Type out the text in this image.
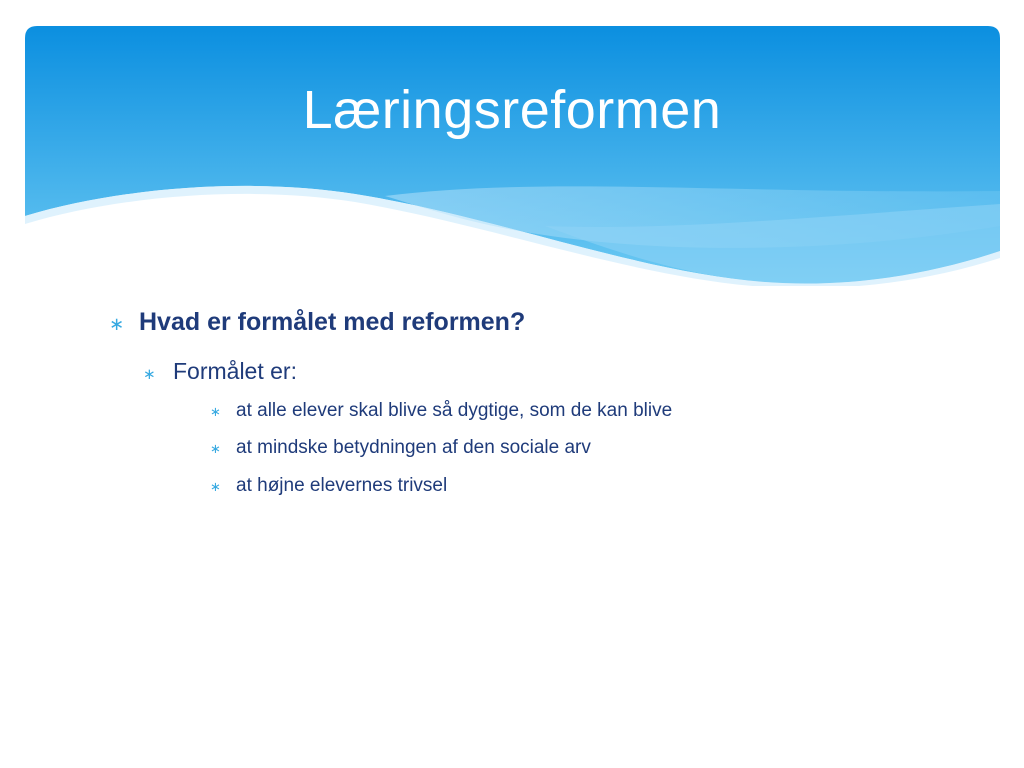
Læringsreformen
∗ Hvad er formålet med reformen?
∗ Formålet er:
∗ at alle elever skal blive så dygtige, som de kan blive
∗ at mindske betydningen af den sociale arv
∗ at højne elevernes trivsel
